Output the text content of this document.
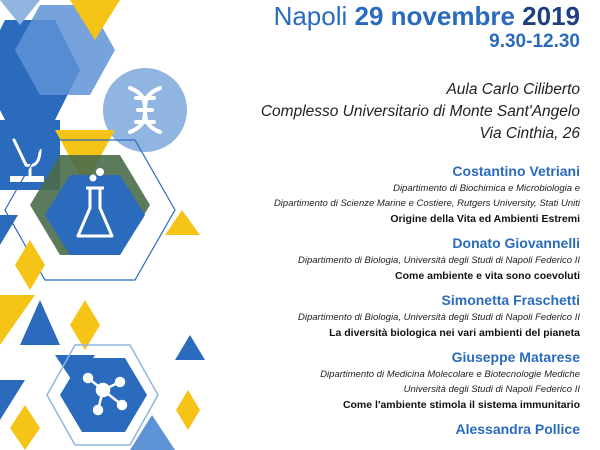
Napoli 29 novembre 2019
9.30-12.30
Aula Carlo Ciliberto
Complesso Universitario di Monte Sant'Angelo
Via Cinthia, 26
Costantino Vetriani
Dipartimento di Biochimica e Microbiologia e
Dipartimento di Scienze Marine e Costiere, Rutgers University, Stati Uniti
Origine della Vita ed Ambienti Estremi
Donato Giovannelli
Dipartimento di Biologia, Università degli Studi di Napoli Federico II
Come ambiente e vita sono coevoluti
Simonetta Fraschetti
Dipartimento di Biologia, Università degli Studi di Napoli Federico II
La diversità biologica nei vari ambienti del pianeta
Giuseppe Matarese
Dipartimento di Medicina Molecolare e Biotecnologie Mediche
Università degli Studi di Napoli Federico II
Come l'ambiente stimola il sistema immunitario
Alessandra Pollice
